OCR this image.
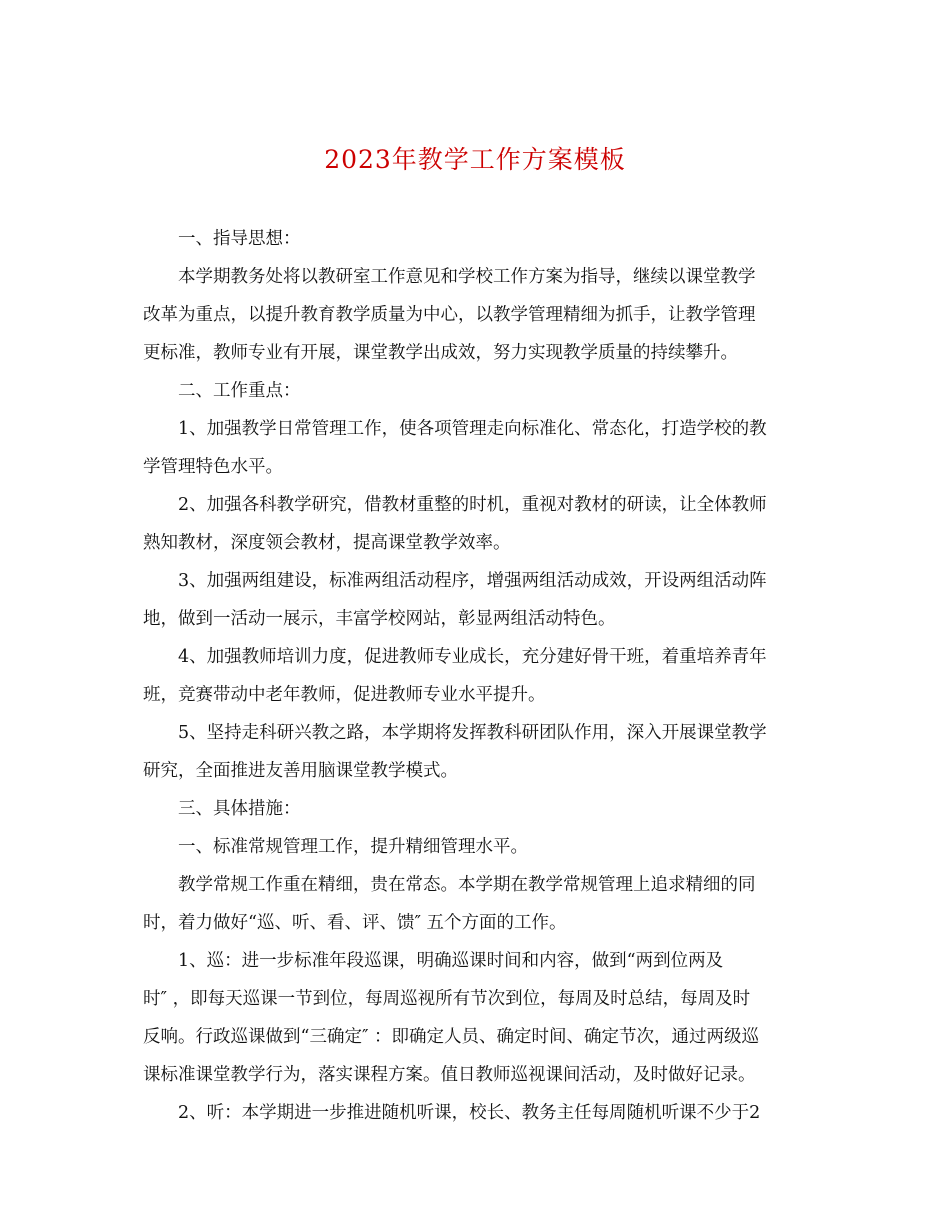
2023年教学工作方案模板

一、指导思想：

本学期教务处将以教研室工作意见和学校工作方案为指导，继续以课堂教学
改革为重点，以提升教育教学质量为中心，以教学管理精细为抓手，让教学管理
更标准，教师专业有开展，课堂教学出成效，努力实现教学质量的持续攀升。

二、工作重点：

1、加强教学日常管理工作，使各项管理走向标准化、常态化，打造学校的教
学管理特色水平。

2、加强各科教学研究，借教材重整的时机，重视对教材的研读，让全体教师
熟知教材，深度领会教材，提高课堂教学效率。

3、加强两组建设，标准两组活动程序，增强两组活动成效，开设两组活动阵
地，做到一活动一展示，丰富学校网站，彰显两组活动特色。

4、加强教师培训力度，促进教师专业成长，充分建好骨干班，着重培养青年
班，竞赛带动中老年教师，促进教师专业水平提升。

5、坚持走科研兴教之路，本学期将发挥教科研团队作用，深入开展课堂教学
研究，全面推进友善用脑课堂教学模式。

三、具体措施：

一、标准常规管理工作，提升精细管理水平。

教学常规工作重在精细，贵在常态。本学期在教学常规管理上追求精细的同
时，着力做好“巡、听、看、评、馈″ 五个方面的工作。

1、巡：进一步标准年段巡课，明确巡课时间和内容，做到“两到位两及
时″ ，即每天巡课一节到位，每周巡视所有节次到位，每周及时总结，每周及时
反响。行政巡课做到“三确定″ ：即确定人员、确定时间、确定节次，通过两级巡
课标准课堂教学行为，落实课程方案。值日教师巡视课间活动，及时做好记录。

2、听：本学期进一步推进随机听课，校长、教务主任每周随机听课不少于2
